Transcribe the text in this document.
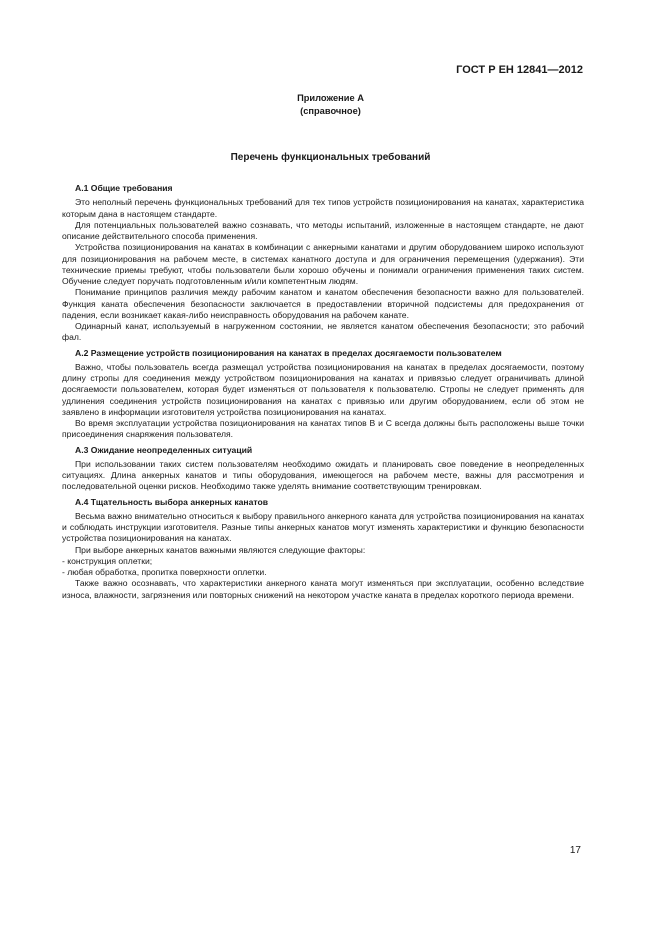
ГОСТ Р ЕН 12841—2012
Приложение А
(справочное)
Перечень функциональных требований
А.1 Общие требования

Это неполный перечень функциональных требований для тех типов устройств позиционирования на канатах, характеристика которым дана в настоящем стандарте.

Для потенциальных пользователей важно сознавать, что методы испытаний, изложенные в настоящем стандарте, не дают описание действительного способа применения.

Устройства позиционирования на канатах в комбинации с анкерными канатами и другим оборудованием широко используют для позиционирования на рабочем месте, в системах канатного доступа и для ограничения перемещения (удержания). Эти технические приемы требуют, чтобы пользователи были хорошо обучены и понимали ограничения применения таких систем. Обучение следует поручать подготовленным и/или компетентным людям.

Понимание принципов различия между рабочим канатом и канатом обеспечения безопасности важно для пользователей. Функция каната обеспечения безопасности заключается в предоставлении вторичной подсистемы для предохранения от падения, если возникает какая-либо неисправность оборудования на рабочем канате.

Одинарный канат, используемый в нагруженном состоянии, не является канатом обеспечения безопасности; это рабочий фал.

А.2 Размещение устройств позиционирования на канатах в пределах досягаемости пользователем

Важно, чтобы пользователь всегда размещал устройства позиционирования на канатах в пределах досягаемости, поэтому длину стропы для соединения между устройством позиционирования на канатах и привязью следует ограничивать длиной досягаемости пользователем, которая будет изменяться от пользователя к пользователю. Стропы не следует применять для удлинения соединения устройств позиционирования на канатах с привязью или другим оборудованием, если об этом не заявлено в информации изготовителя устройства позиционирования на канатах.

Во время эксплуатации устройства позиционирования на канатах типов В и С всегда должны быть расположены выше точки присоединения снаряжения пользователя.

А.3 Ожидание неопределенных ситуаций

При использовании таких систем пользователям необходимо ожидать и планировать свое поведение в неопределенных ситуациях. Длина анкерных канатов и типы оборудования, имеющегося на рабочем месте, важны для рассмотрения и последовательной оценки рисков. Необходимо также уделять внимание соответствующим тренировкам.

А.4 Тщательность выбора анкерных канатов

Весьма важно внимательно относиться к выбору правильного анкерного каната для устройства позиционирования на канатах и соблюдать инструкции изготовителя. Разные типы анкерных канатов могут изменять характеристики и функцию безопасности устройства позиционирования на канатах.

При выборе анкерных канатов важными являются следующие факторы:

- конструкция оплетки;

- любая обработка, пропитка поверхности оплетки.

Также важно осознавать, что характеристики анкерного каната могут изменяться при эксплуатации, особенно вследствие износа, влажности, загрязнения или повторных снижений на некотором участке каната в пределах короткого периода времени.

17
